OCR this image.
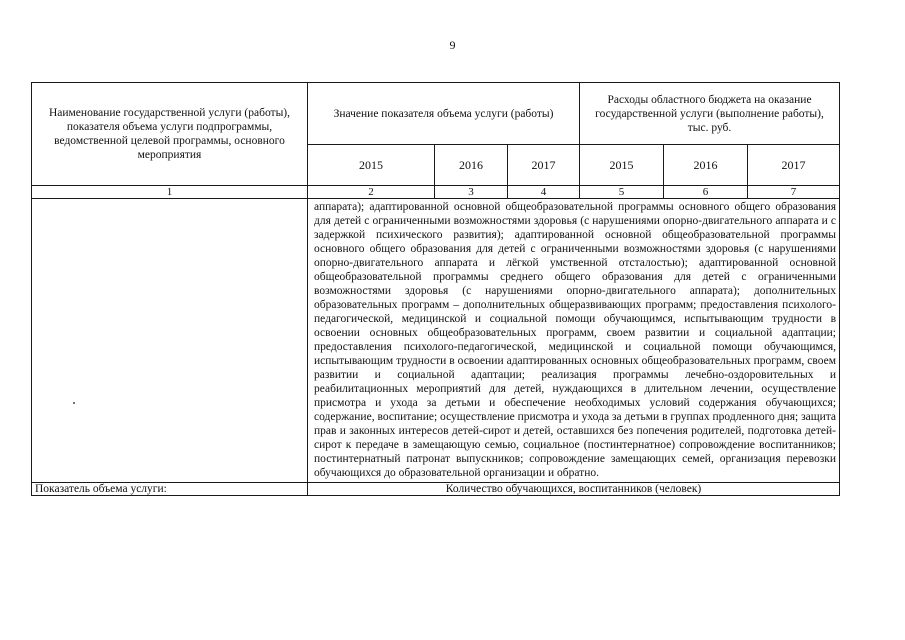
9
Наименование государственной услуги (работы), показателя объема услуги подпрограммы, ведомственной целевой программы, основного мероприятия	Значение показателя объема услуги (работы)			Расходы областного бюджета на оказание государственной услуги (выполнение работы),
тыс. руб.		
	2015	2016	2017	2015	2016	2017
1	2	3	4	5	6	7
	аппарата); адаптированной основной общеобразовательной программы основного общего образования для детей с ограниченными возможностями здоровья (с нарушениями опорно-двигательного аппарата и с задержкой психического развития); адаптированной основной общеобразовательной программы основного общего образования для детей с ограниченными возможностями здоровья (с нарушениями опорно-двигательного аппарата и лёгкой умственной отсталостью); адаптированной основной общеобразовательной программы среднего общего образования для детей с ограниченными возможностями здоровья (с нарушениями опорно-двигательного аппарата); дополнительных образовательных программ – дополнительных общеразвивающих программ; предоставления психолого-педагогической, медицинской и социальной помощи обучающимся, испытывающим трудности в освоении основных общеобразовательных программ, своем развитии и социальной адаптации; предоставления психолого-педагогической, медицинской и социальной помощи обучающимся, испытывающим трудности в освоении адаптированных основных общеобразовательных программ, своем развитии и социальной адаптации; реализация программы лечебно-оздоровительных и реабилитационных мероприятий для детей, нуждающихся в длительном лечении, осуществление присмотра и ухода за детьми и обеспечение необходимых условий содержания обучающихся; содержание, воспитание; осуществление присмотра и ухода за детьми в группах продленного дня; защита прав и законных интересов детей-сирот и детей, оставшихся без попечения родителей, подготовка детей-сирот к передаче в замещающую семью, социальное (постинтернатное) сопровождение воспитанников; постинтернатный патронат выпускников; сопровождение замещающих семей, организация перевозки обучающихся до образовательной организации и обратно.					
Показатель объема услуги:	Количество обучающихся, воспитанников (человек)					
